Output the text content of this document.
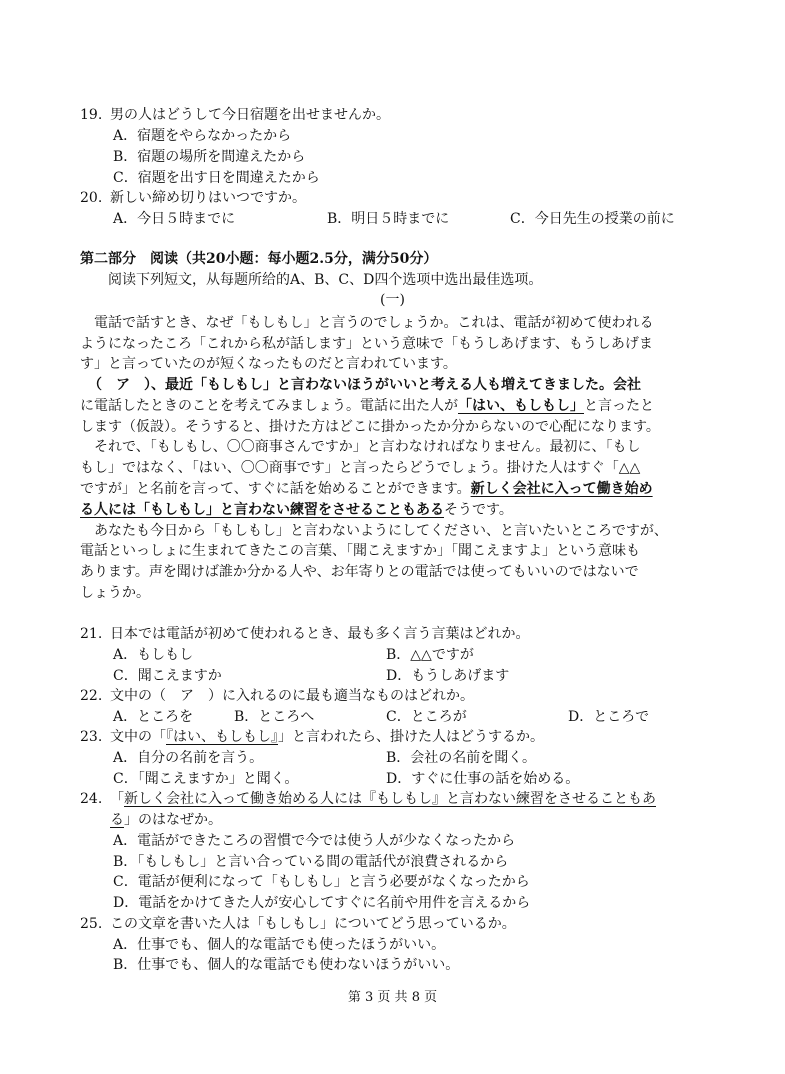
19. 男の人はどうして今日宿題を出せませんか。
A．宿題をやらなかったから
B．宿題の場所を間違えたから
C．宿題を出す日を間違えたから
20. 新しい締め切りはいつですか。
A．今日５時までに	B．明日５時までに	C．今日先生の授業の前に
第二部分　阅读（共20小题：每小题2.5分，满分50分）
阅读下列短文，从每题所给的A、B、C、D四个选项中选出最佳选项。
(一)
電話で話すとき、なぜ「もしもし」と言うのでしょうか。これは、電話が初めて使われる
ようになったころ「これから私が話します」という意味で「もうしあげます、もうしあげま
す」と言っていたのが短くなったものだと言われています。
（　ア　）、最近「もしもし」と言わないほうがいいと考える人も増えてきました。会社
に電話したときのことを考えてみましょう。電話に出た人が「はい、もしもし」と言ったと
します（仮設）。そうすると、掛けた方はどこに掛かったか分からないので心配になります。
それで、「もしもし、〇〇商事さんですか」と言わなければなりません。最初に、「もし
もし」ではなく、「はい、〇〇商事です」と言ったらどうでしょう。掛けた人はすぐ「△△
ですが」と名前を言って、すぐに話を始めることができます。新しく会社に入って働き始め
る人には「もしもし」と言わない練習をさせることもあるそうです。
あなたも今日から「もしもし」と言わないようにしてください、と言いたいところですが、
電話といっしょに生まれてきたこの言葉、「聞こえますか」「聞こえますよ」という意味も
あります。声を聞けば誰か分かる人や、お年寄りとの電話では使ってもいいのではないで
しょうか。
21. 日本では電話が初めて使われるとき、最も多く言う言葉はどれか。
A．もしもし	B．△△ですが
C．聞こえますか	D．もうしあげます
22. 文中の（　ア　）に入れるのに最も適当なものはどれか。
A．ところを	B．ところへ	C．ところが	D．ところで
23. 文中の「『はい、もしもし』」と言われたら、掛けた人はどうするか。
A．自分の名前を言う。	B．会社の名前を聞く。
C．「聞こえますか」と聞く。	D．すぐに仕事の話を始める。
24. 「新しく会社に入って働き始める人には『もしもし』と言わない練習をさせることもあ
る」のはなぜか。
A．電話ができたころの習慣で今では使う人が少なくなったから
B．「もしもし」と言い合っている間の電話代が浪費されるから
C．電話が便利になって「もしもし」と言う必要がなくなったから
D．電話をかけてきた人が安心してすぐに名前や用件を言えるから
25. この文章を書いた人は「もしもし」についてどう思っているか。
A．仕事でも、個人的な電話でも使ったほうがいい。
B．仕事でも、個人的な電話でも使わないほうがいい。
第 3 页 共 8 页
